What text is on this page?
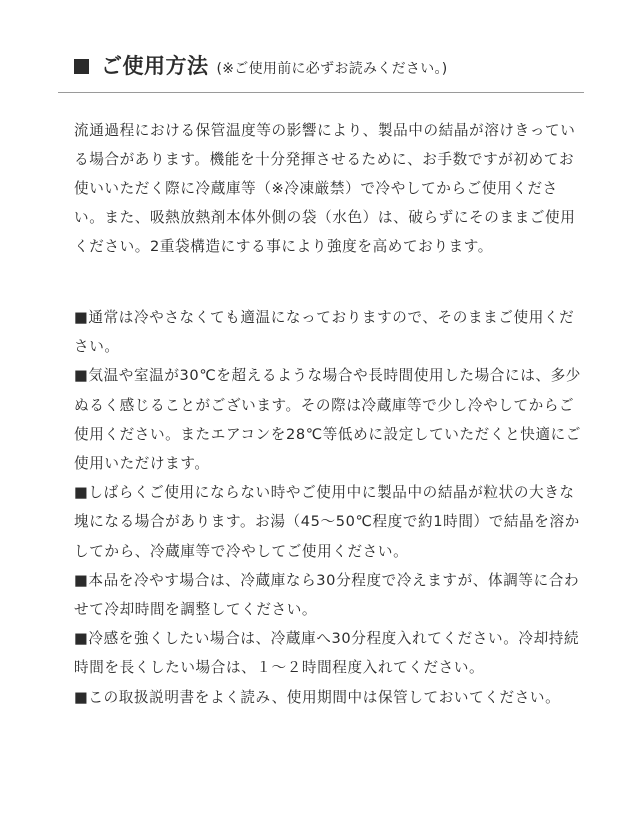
ご使用方法 (※ご使用前に必ずお読みください。)

流通過程における保管温度等の影響により、製品中の結晶が溶けきっている場合があります。機能を十分発揮させるために、お手数ですが初めてお使いいただく際に冷蔵庫等（※冷凍厳禁）で冷やしてからご使用ください。また、吸熱放熱剤本体外側の袋（水色）は、破らずにそのままご使用ください。2重袋構造にする事により強度を高めております。

■通常は冷やさなくても適温になっておりますので、そのままご使用ください。
■気温や室温が30℃を超えるような場合や長時間使用した場合には、多少ぬるく感じることがございます。その際は冷蔵庫等で少し冷やしてからご使用ください。またエアコンを28℃等低めに設定していただくと快適にご使用いただけます。
■しばらくご使用にならない時やご使用中に製品中の結晶が粒状の大きな塊になる場合があります。お湯（45〜50℃程度で約1時間）で結晶を溶かしてから、冷蔵庫等で冷やしてご使用ください。
■本品を冷やす場合は、冷蔵庫なら30分程度で冷えますが、体調等に合わせて冷却時間を調整してください。
■冷感を強くしたい場合は、冷蔵庫へ30分程度入れてください。冷却持続時間を長くしたい場合は、１〜２時間程度入れてください。
■この取扱説明書をよく読み、使用期間中は保管しておいてください。
